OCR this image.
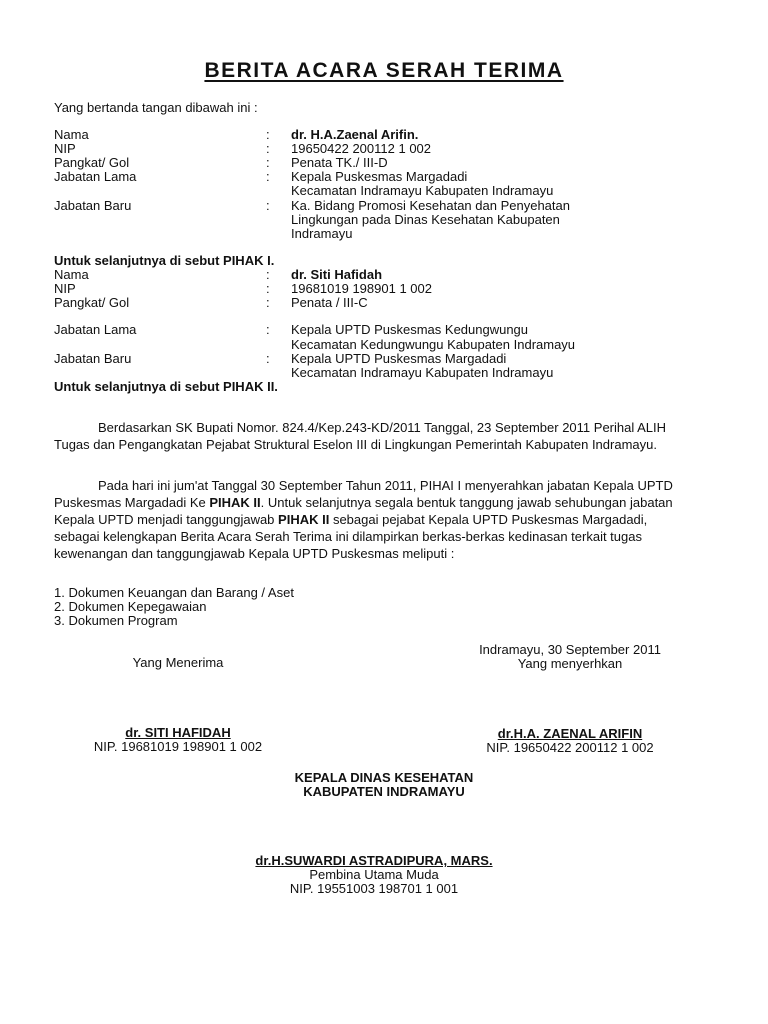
BERITA ACARA SERAH TERIMA
Yang bertanda tangan dibawah ini :
Nama	: dr. H.A.Zaenal Arifin.
NIP	: 19650422 200112 1 002
Pangkat/ Gol	: Penata TK./ III-D
Jabatan Lama	: Kepala Puskesmas Margadadi
Kecamatan Indramayu Kabupaten Indramayu
Jabatan Baru	: Ka. Bidang Promosi Kesehatan dan Penyehatan
Lingkungan pada Dinas Kesehatan Kabupaten
Indramayu
Untuk selanjutnya di sebut PIHAK I.
Nama	: dr. Siti Hafidah
NIP	: 19681019 198901 1 002
Pangkat/ Gol	: Penata / III-C
Jabatan Lama	: Kepala UPTD Puskesmas Kedungwungu
Kecamatan Kedungwungu Kabupaten Indramayu
Jabatan Baru	: Kepala UPTD Puskesmas Margadadi
Kecamatan Indramayu Kabupaten Indramayu
Untuk selanjutnya di sebut PIHAK II.

Berdasarkan SK Bupati Nomor. 824.4/Kep.243-KD/2011 Tanggal, 23 September 2011 Perihal ALIH Tugas dan Pengangkatan Pejabat Struktural Eselon III di Lingkungan Pemerintah Kabupaten Indramayu.

Pada hari ini jum'at Tanggal 30 September Tahun 2011, PIHAI I menyerahkan jabatan Kepala UPTD Puskesmas Margadadi Ke PIHAK II. Untuk selanjutnya segala bentuk tanggung jawab sehubungan jabatan Kepala UPTD menjadi tanggungjawab PIHAK II sebagai pejabat Kepala UPTD Puskesmas Margadadi, sebagai kelengkapan Berita Acara Serah Terima ini dilampirkan berkas-berkas kedinasan terkait tugas kewenangan dan tanggungjawab Kepala UPTD Puskesmas meliputi :

1. Dokumen Keuangan dan Barang / Aset
2. Dokumen Kepegawaian
3. Dokumen Program
Indramayu, 30 September 2011
Yang Menerima
dr. SITI HAFIDAH
NIP. 19681019 198901 1 002
Yang menyerhkan
dr.H.A. ZAENAL ARIFIN
NIP. 19650422 200112 1 002
KEPALA DINAS KESEHATAN
KABUPATEN INDRAMAYU
dr.H.SUWARDI ASTRADIPURA, MARS.
Pembina Utama Muda
NIP. 19551003 198701 1 001
